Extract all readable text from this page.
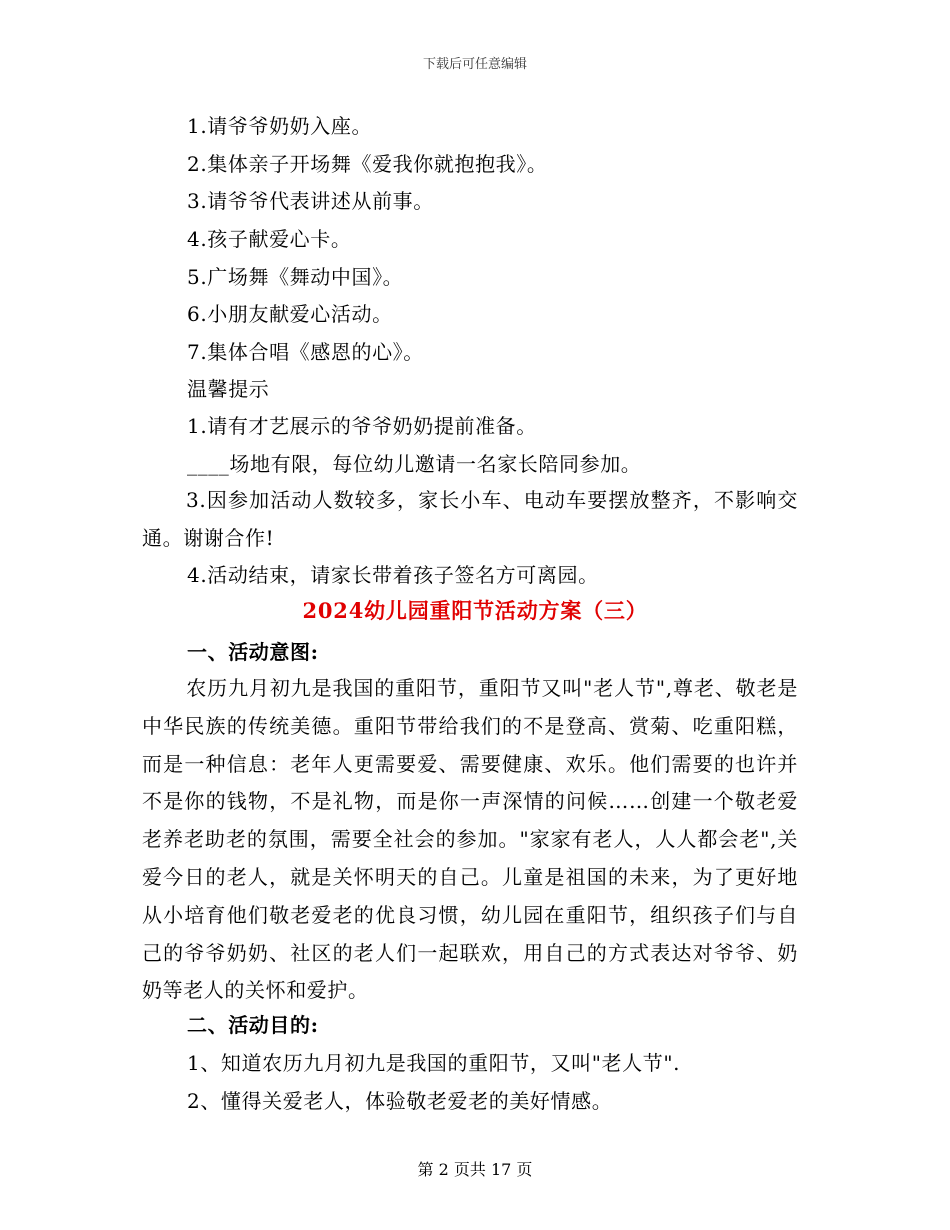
下载后可任意编辑
1.请爷爷奶奶入座。
2.集体亲子开场舞《爱我你就抱抱我》。
3.请爷爷代表讲述从前事。
4.孩子献爱心卡。
5.广场舞《舞动中国》。
6.小朋友献爱心活动。
7.集体合唱《感恩的心》。
温馨提示
1.请有才艺展示的爷爷奶奶提前准备。
____场地有限，每位幼儿邀请一名家长陪同参加。
3.因参加活动人数较多，家长小车、电动车要摆放整齐，不影响交通。谢谢合作!
4.活动结束，请家长带着孩子签名方可离园。
2024幼儿园重阳节活动方案（三）
一、活动意图:
农历九月初九是我国的重阳节，重阳节又叫"老人节",尊老、敬老是中华民族的传统美德。重阳节带给我们的不是登高、赏菊、吃重阳糕，而是一种信息：老年人更需要爱、需要健康、欢乐。他们需要的也许并不是你的钱物，不是礼物，而是你一声深情的问候……创建一个敬老爱老养老助老的氛围，需要全社会的参加。"家家有老人，人人都会老",关爱今日的老人，就是关怀明天的自己。儿童是祖国的未来，为了更好地从小培育他们敬老爱老的优良习惯，幼儿园在重阳节，组织孩子们与自己的爷爷奶奶、社区的老人们一起联欢，用自己的方式表达对爷爷、奶奶等老人的关怀和爱护。
二、活动目的:
1、知道农历九月初九是我国的重阳节，又叫"老人节".
2、懂得关爱老人，体验敬老爱老的美好情感。
第 2 页共 17 页
